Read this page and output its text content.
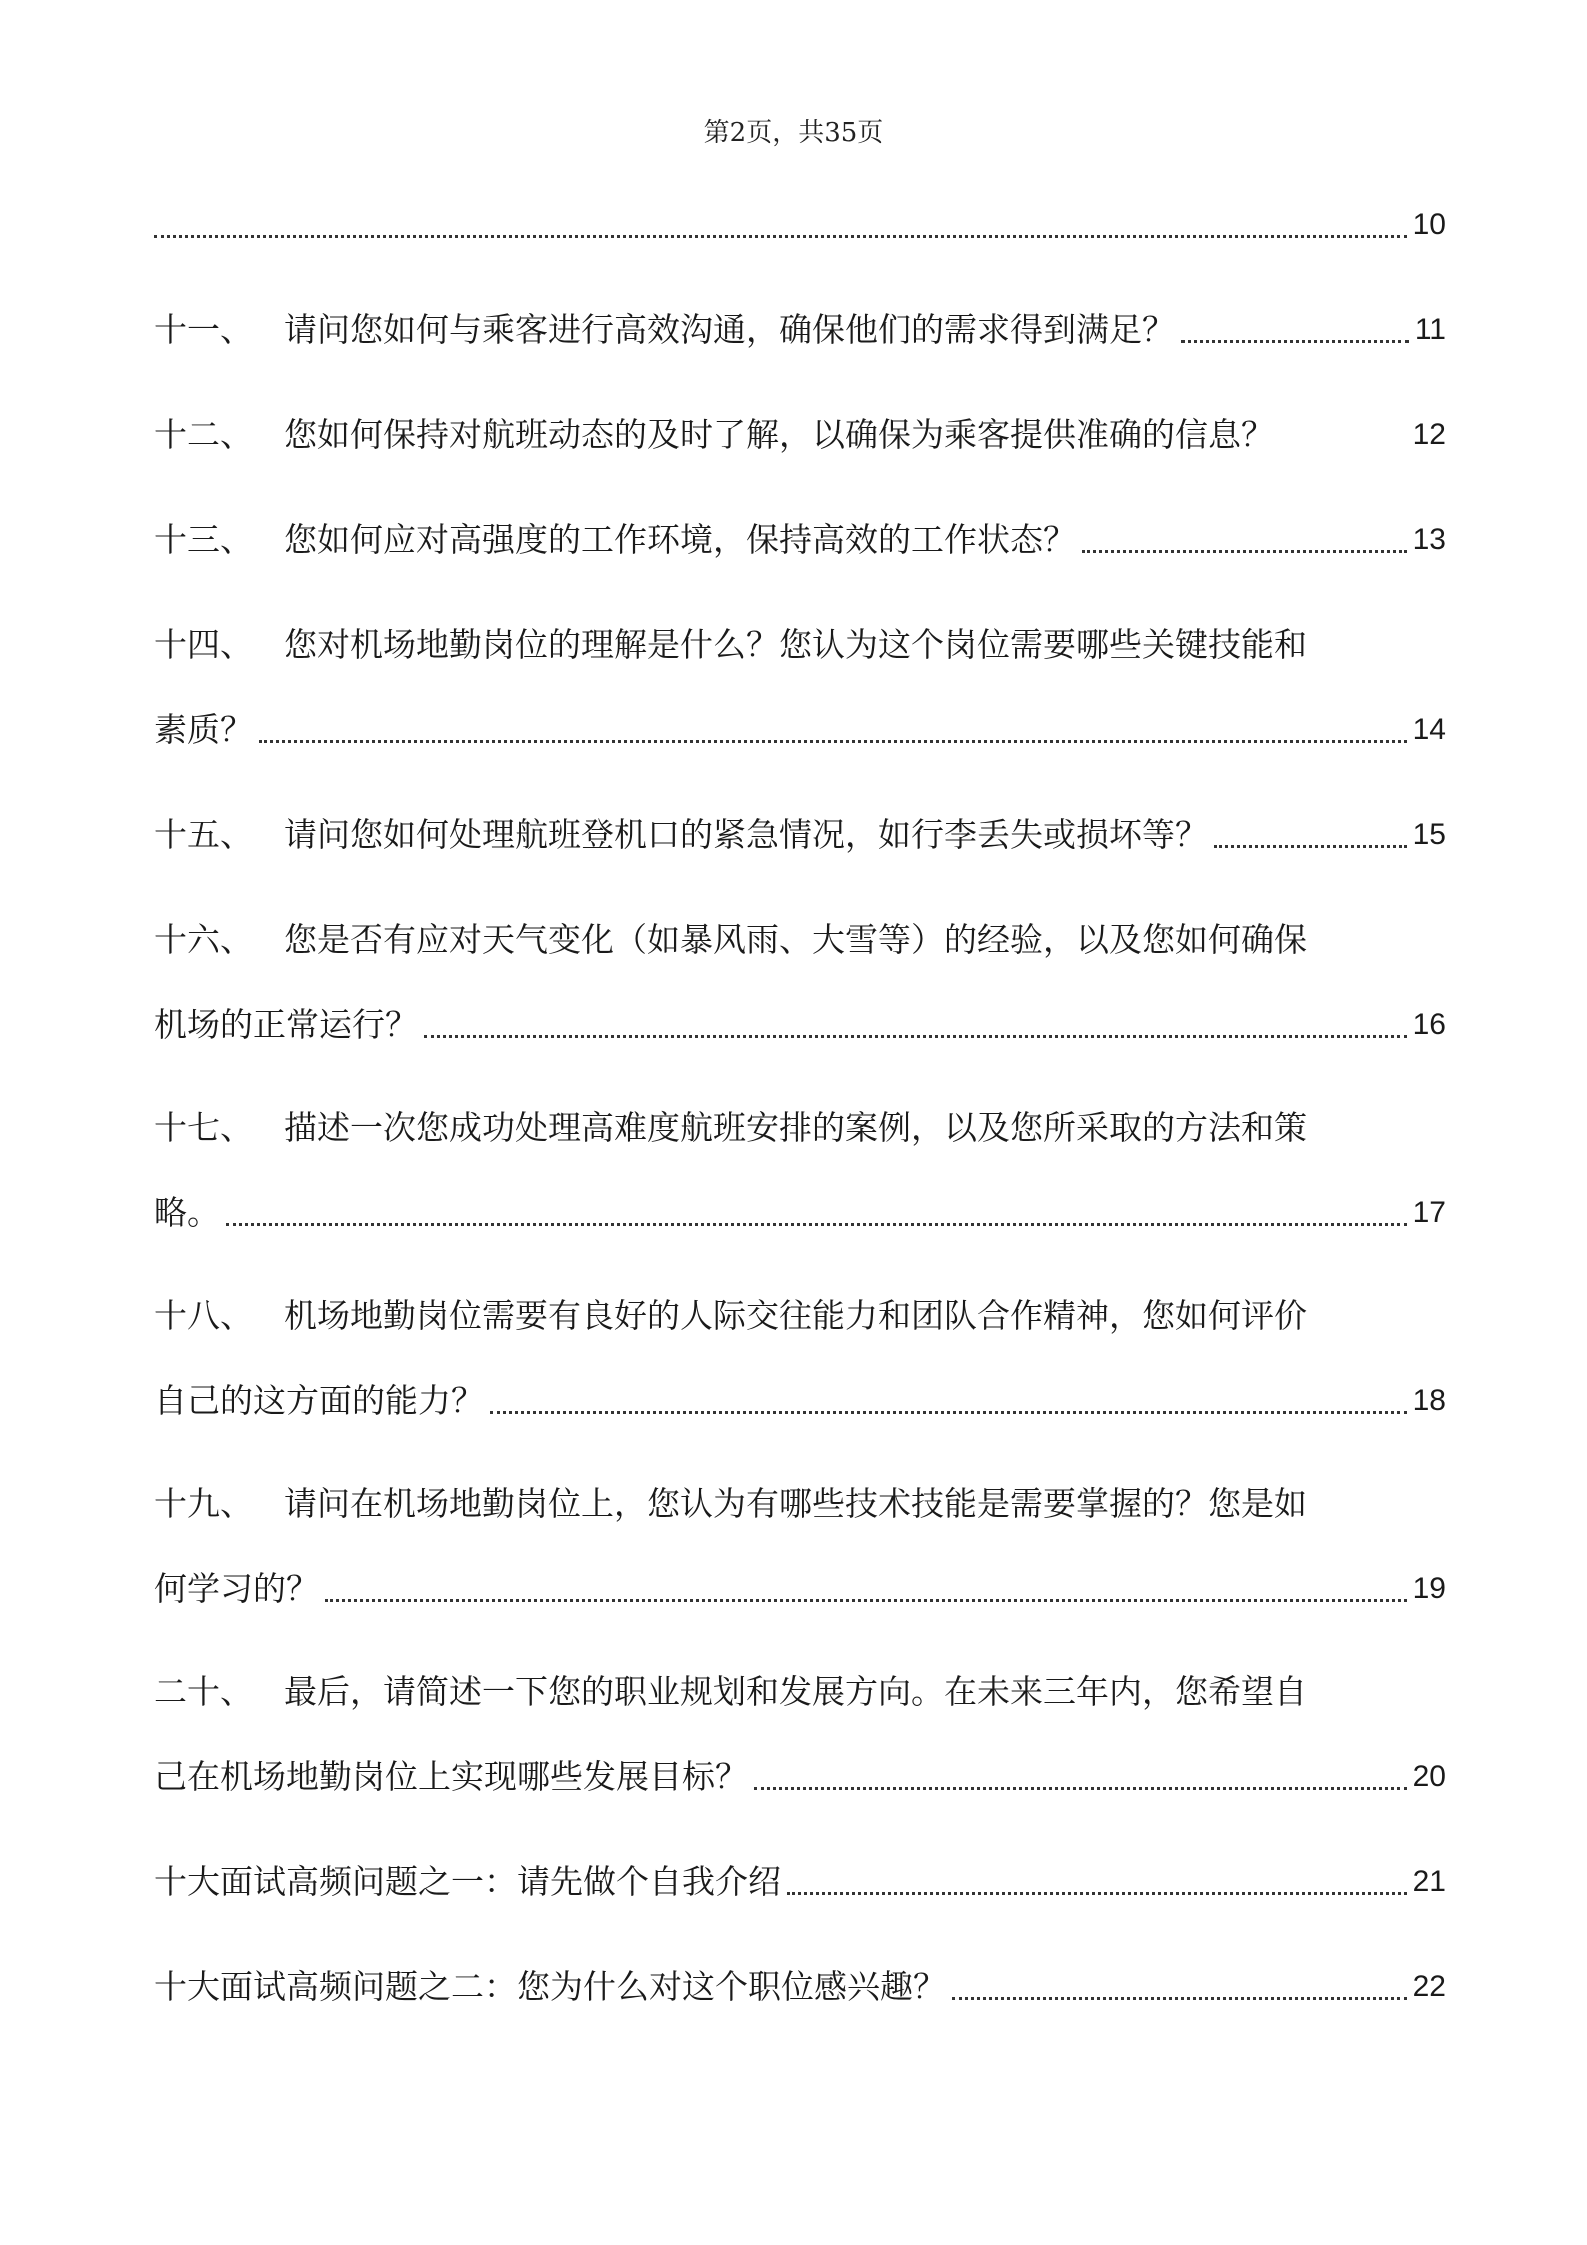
第2页，共35页
10
十一、 请问您如何与乘客进行高效沟通，确保他们的需求得到满足？	11
十二、 您如何保持对航班动态的及时了解，以确保为乘客提供准确的信息？	12
十三、 您如何应对高强度的工作环境，保持高效的工作状态？	13
十四、 您对机场地勤岗位的理解是什么？您认为这个岗位需要哪些关键技能和
素质？	14
十五、 请问您如何处理航班登机口的紧急情况，如行李丢失或损坏等？	15
十六、 您是否有应对天气变化（如暴风雨、大雪等）的经验，以及您如何确保
机场的正常运行？	16
十七、 描述一次您成功处理高难度航班安排的案例，以及您所采取的方法和策
略。	17
十八、 机场地勤岗位需要有良好的人际交往能力和团队合作精神，您如何评价
自己的这方面的能力？	18
十九、 请问在机场地勤岗位上，您认为有哪些技术技能是需要掌握的？您是如
何学习的？	19
二十、 最后，请简述一下您的职业规划和发展方向。在未来三年内，您希望自
己在机场地勤岗位上实现哪些发展目标？	20
十大面试高频问题之一：请先做个自我介绍	21
十大面试高频问题之二：您为什么对这个职位感兴趣？	22
